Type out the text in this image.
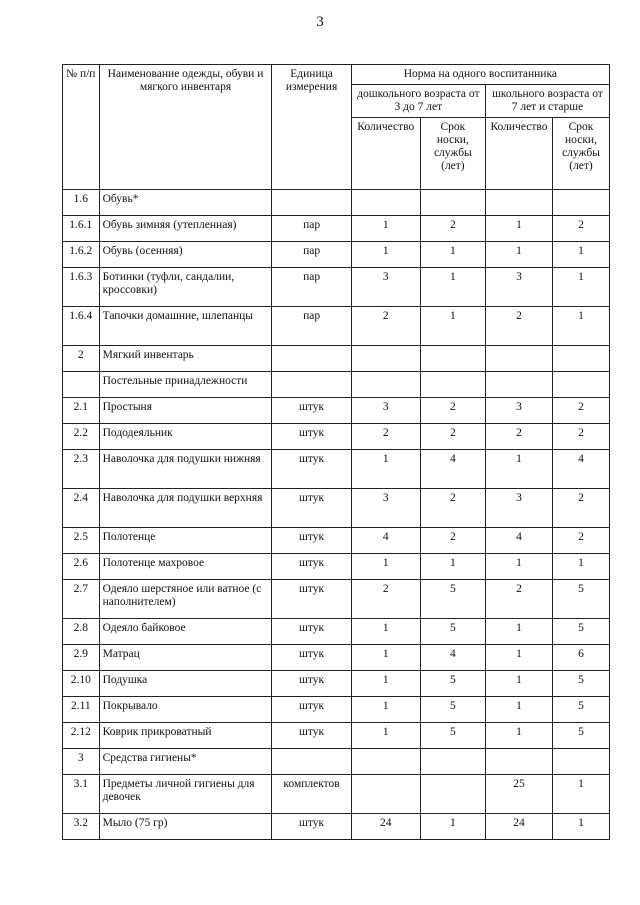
3
№ п/п	Наименование одежды, обуви и мягкого инвентаря	Единица измерения	Норма на одного воспитанника			
			дошкольного возраста от 3 до 7 лет		школьного возраста от 7 лет и старше	
			Количество	Срок носки, службы (лет)	Количество	Срок носки, службы (лет)
1.6	Обувь*					
1.6.1	Обувь зимняя (утепленная)	пар	1	2	1	2
1.6.2	Обувь (осенняя)	пар	1	1	1	1
1.6.3	Ботинки (туфли, сандалии, кроссовки)	пар	3	1	3	1
1.6.4	Тапочки домашние, шлепанцы	пар	2	1	2	1
2	Мягкий инвентарь					
	Постельные принадлежности					
2.1	Простыня	штук	3	2	3	2
2.2	Пододеяльник	штук	2	2	2	2
2.3	Наволочка для подушки нижняя	штук	1	4	1	4
2.4	Наволочка для подушки верхняя	штук	3	2	3	2
2.5	Полотенце	штук	4	2	4	2
2.6	Полотенце махровое	штук	1	1	1	1
2.7	Одеяло шерстяное или ватное (с наполнителем)	штук	2	5	2	5
2.8	Одеяло байковое	штук	1	5	1	5
2.9	Матрац	штук	1	4	1	6
2.10	Подушка	штук	1	5	1	5
2.11	Покрывало	штук	1	5	1	5
2.12	Коврик прикроватный	штук	1	5	1	5
3	Средства гигиены*					
3.1	Предметы личной гигиены для девочек	комплектов			25	1
3.2	Мыло (75 гр)	штук	24	1	24	1
